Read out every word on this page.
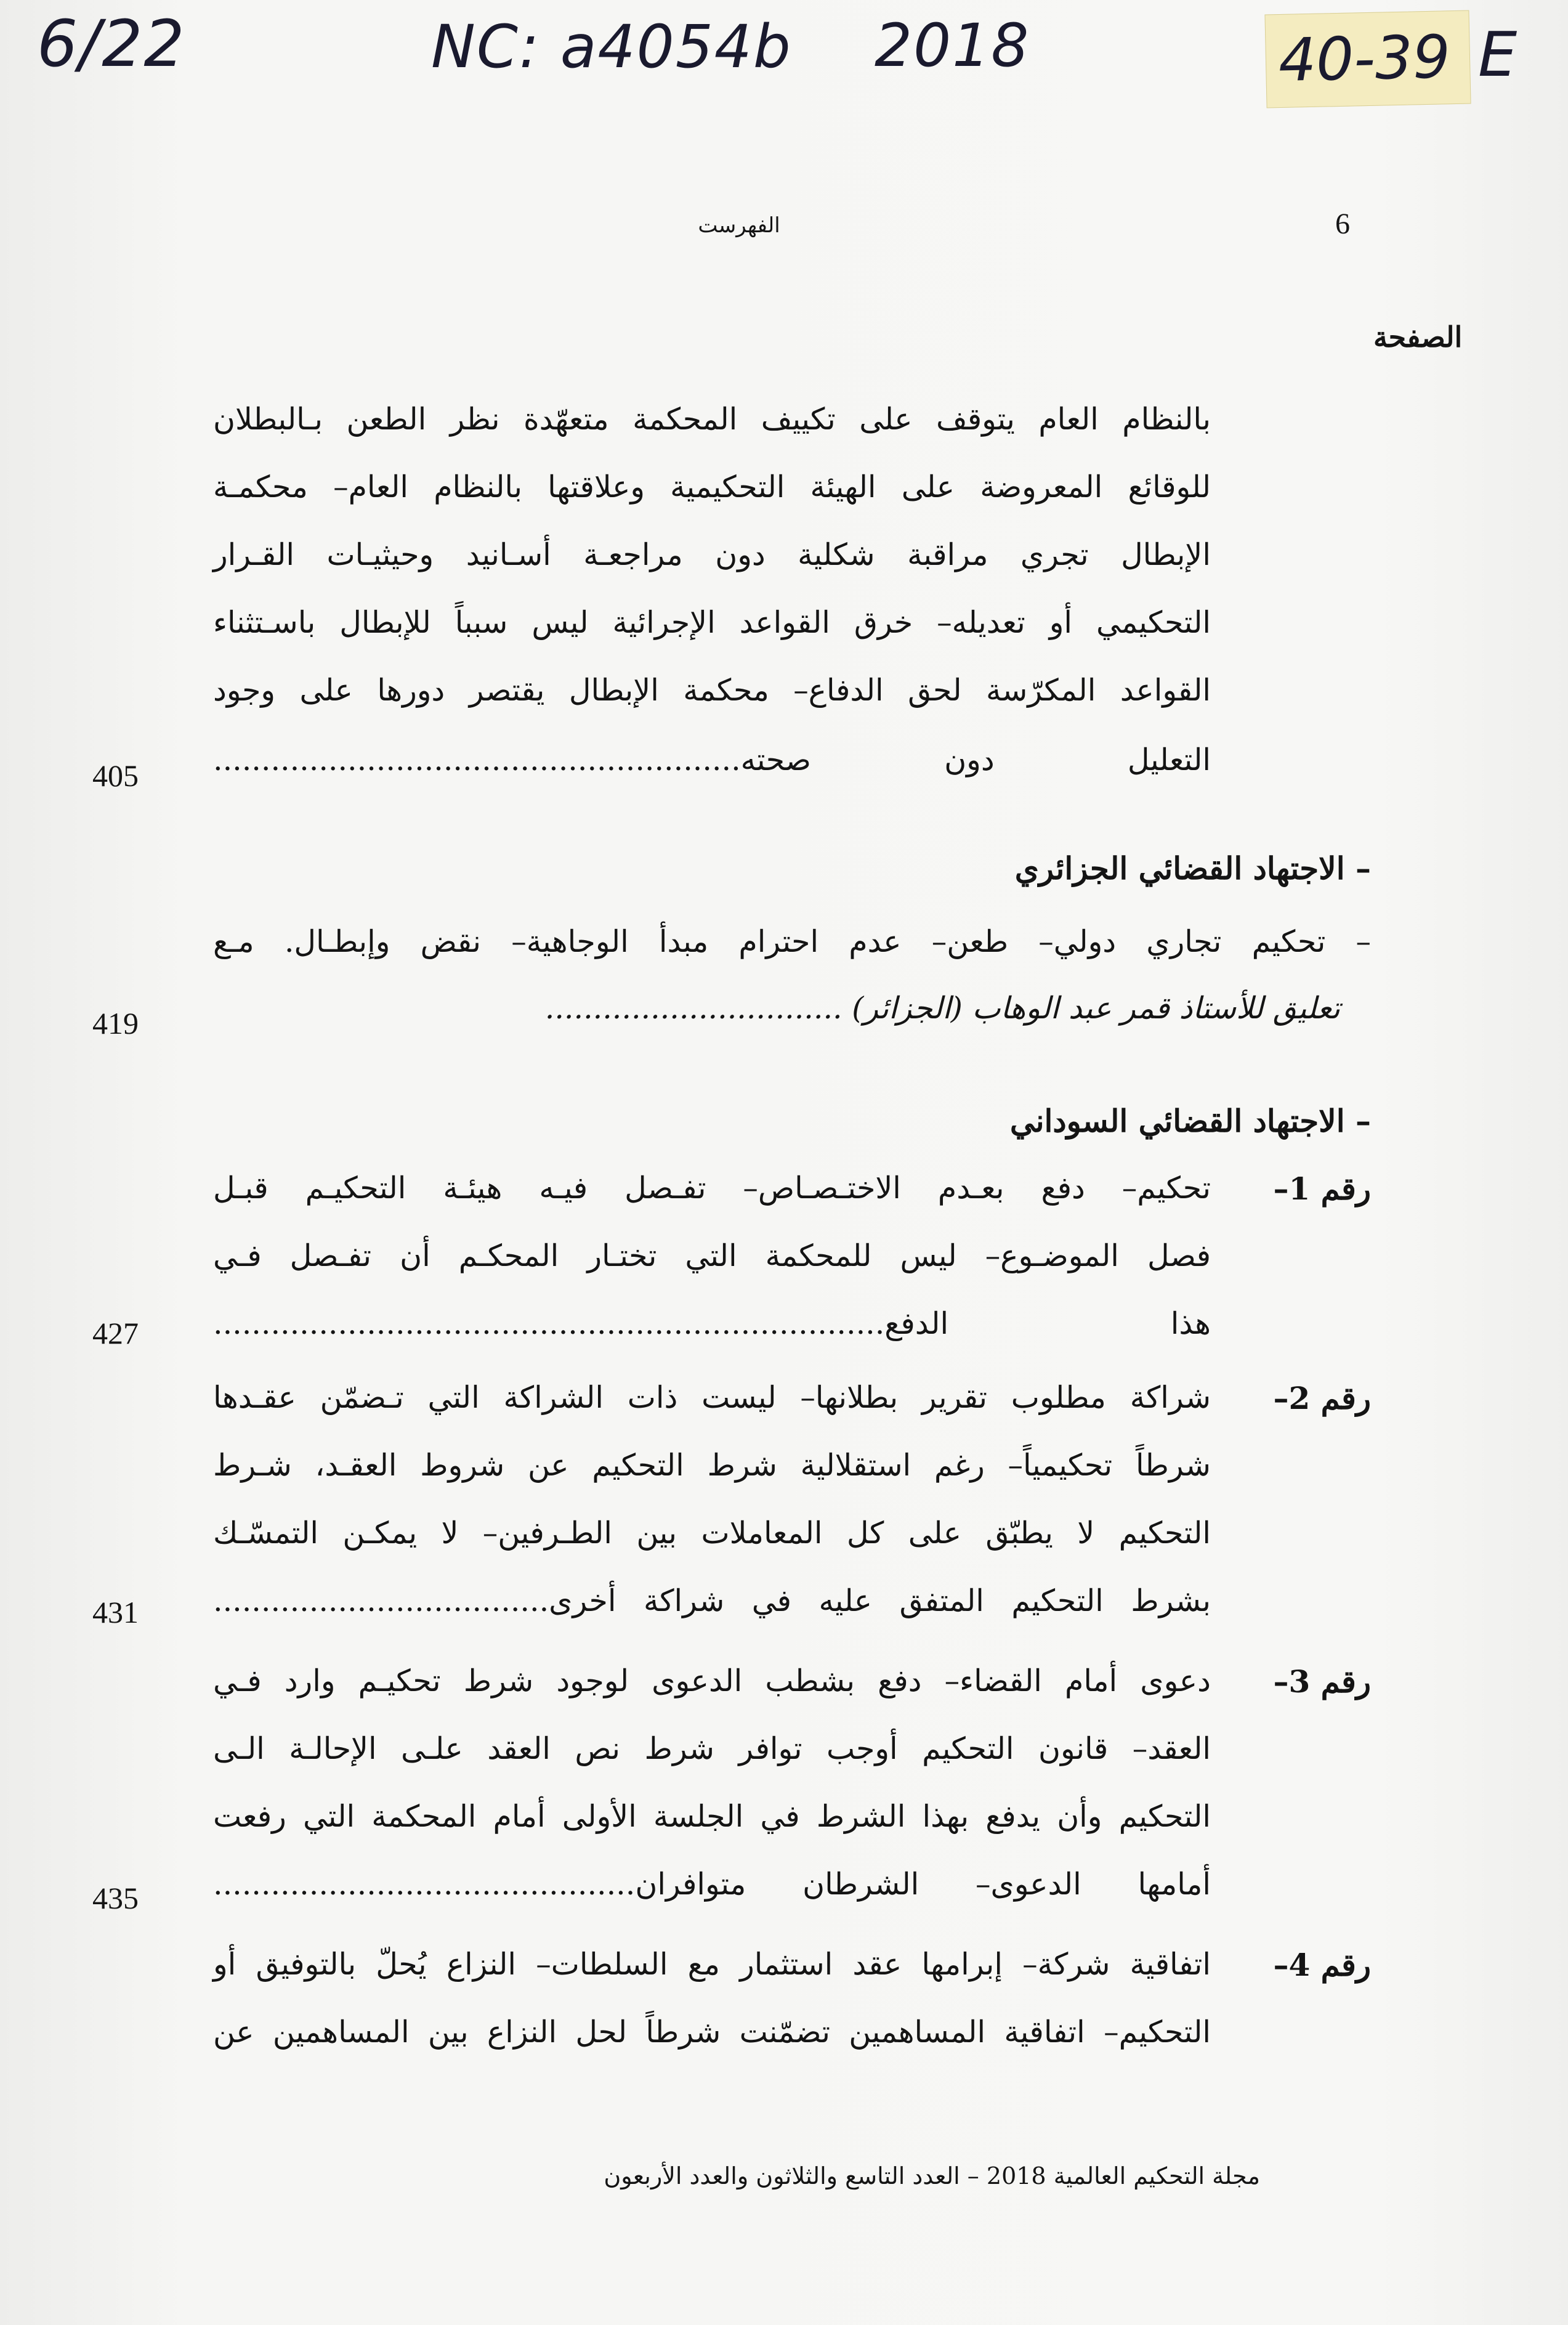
6/22	NC: a4054b 2018	40-39 E
6
الفهرست
الصفحة
بالنظام العام يتوقف على تكييف المحكمة متعهّدة نظر الطعن بـالبطلان
للوقائع المعروضة على الهيئة التحكيمية وعلاقتها بالنظام العام– محكمـة
الإبطال تجري مراقبة شكلية دون مراجعـة أسـانيد وحيثيـات القـرار
التحكيمي أو تعديله– خرق القواعد الإجرائية ليس سبباً للإبطال باسـتثناء
القواعد المكرّسة لحق الدفاع– محكمة الإبطال يقتصر دورها على وجود
التعليل دون صحته.......................................................
405
– الاجتهاد القضائي الجزائري
– تحكيم تجاري دولي– طعن– عدم احترام مبدأ الوجاهية– نقض وإبطـال. مـع
تعليق للأستاذ قمر عبد الوهاب (الجزائر) ...............................
419
– الاجتهاد القضائي السوداني
رقم 1–
تحكيم– دفع بعـدم الاختـصـاص– تفـصل فيـه هيئـة التحكيـم قبـل
فصل الموضـوع– ليس للمحكمة التي تختـار المحكـم أن تفـصل فـي
هذا الدفع......................................................................
427
رقم 2–
شراكة مطلوب تقرير بطلانها– ليست ذات الشراكة التي تـضمّن عقـدها
شرطاً تحكيمياً– رغم استقلالية شرط التحكيم عن شروط العقـد، شـرط
التحكيم لا يطبّق على كل المعاملات بين الطـرفين– لا يمكـن التمسّـك
بشرط التحكيم المتفق عليه في شراكة أخرى...................................
431
رقم 3–
دعوى أمام القضاء– دفع بشطب الدعوى لوجود شرط تحكيـم وارد فـي
العقد– قانون التحكيم أوجب توافر شرط نص العقد علـى الإحالـة الـى
التحكيم وأن يدفع بهذا الشرط في الجلسة الأولى أمام المحكمة التي رفعت
أمامها الدعوى– الشرطان متوافران............................................
435
رقم 4–
اتفاقية شركة– إبرامها عقد استثمار مع السلطات– النزاع يُحلّ بالتوفيق أو
التحكيم– اتفاقية المساهمين تضمّنت شرطاً لحل النزاع بين المساهمين عن
مجلة التحكيم العالمية 2018 – العدد التاسع والثلاثون والعدد الأربعون
